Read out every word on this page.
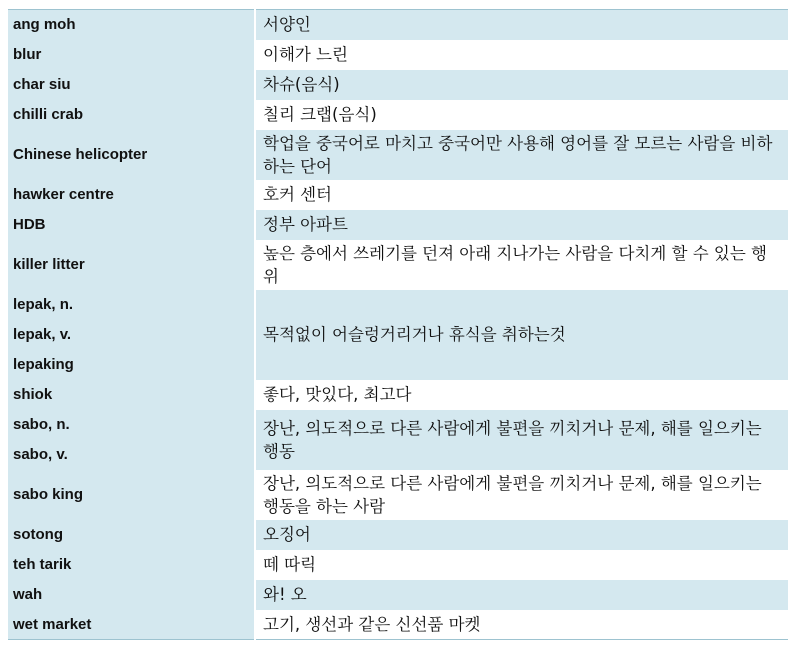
ang moh	서양인
blur	이해가 느린
char siu	차슈(음식)
chilli crab	칠리 크랩(음식)
Chinese helicopter	학업을 중국어로 마치고 중국어만 사용해 영어를 잘 모르는 사람을 비하하는 단어
hawker centre	호커 센터
HDB	정부 아파트
killer litter	높은 층에서 쓰레기를 던져 아래 지나가는 사람을 다치게 할 수 있는 행위
lepak, n.	목적없이 어슬렁거리거나 휴식을 취하는것
lepak, v.	
lepaking	
shiok	좋다, 맛있다, 최고다
sabo, n.	장난, 의도적으로 다른 사람에게 불편을 끼치거나 문제, 해를 일으키는 행동
sabo, v.	
sabo king	장난, 의도적으로 다른 사람에게 불편을 끼치거나 문제, 해를 일으키는 행동을 하는 사람
sotong	오징어
teh tarik	떼 따릭
wah	와! 오
wet market	고기, 생선과 같은 신선품 마켓
